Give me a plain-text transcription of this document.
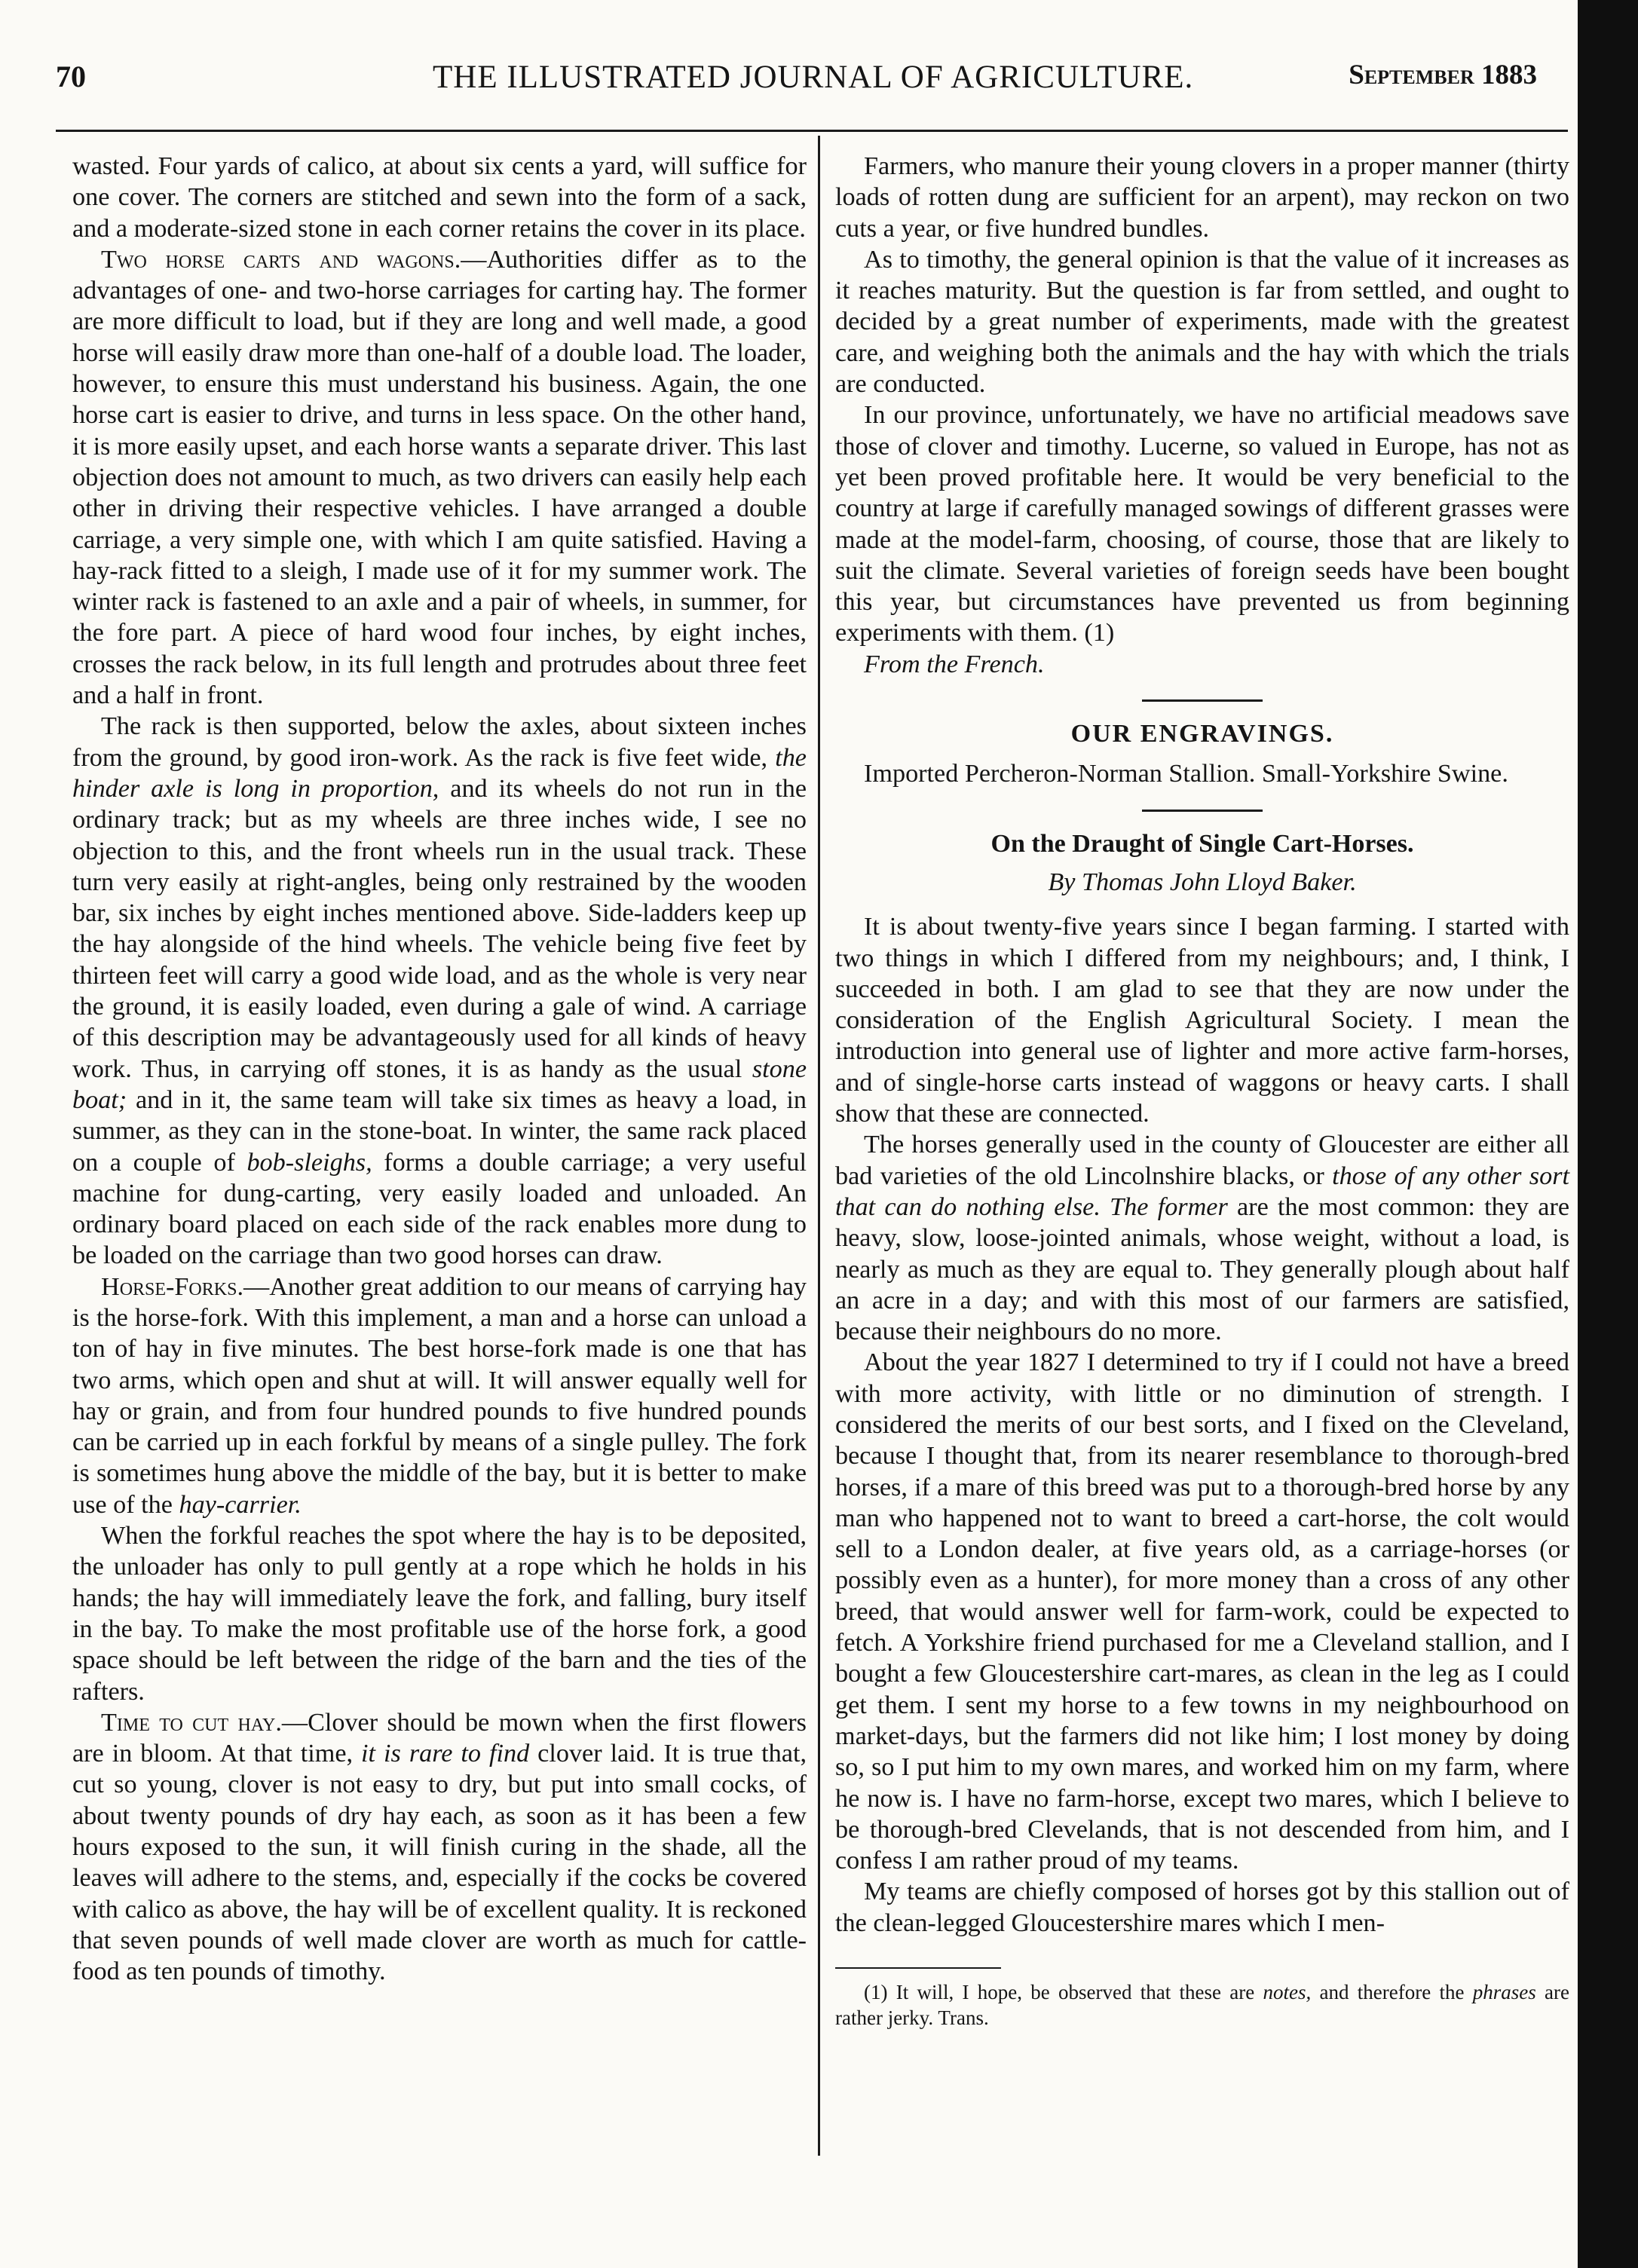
70	THE ILLUSTRATED JOURNAL OF AGRICULTURE.	September 1883

wasted. Four yards of calico, at about six cents a yard, will suffice for one cover. The corners are stitched and sewn into the form of a sack, and a moderate-sized stone in each corner retains the cover in its place.

Two horse carts and wagons.—Authorities differ as to the advantages of one- and two-horse carriages for carting hay. The former are more difficult to load, but if they are long and well made, a good horse will easily draw more than one-half of a double load. The loader, however, to ensure this must understand his business. Again, the one horse cart is easier to drive, and turns in less space. On the other hand, it is more easily upset, and each horse wants a separate driver. This last objection does not amount to much, as two drivers can easily help each other in driving their respective vehicles. I have arranged a double carriage, a very simple one, with which I am quite satisfied. Having a hay-rack fitted to a sleigh, I made use of it for my summer work. The winter rack is fastened to an axle and a pair of wheels, in summer, for the fore part. A piece of hard wood four inches, by eight inches, crosses the rack below, in its full length and protrudes about three feet and a half in front.

The rack is then supported, below the axles, about sixteen inches from the ground, by good iron-work. As the rack is five feet wide, the hinder axle is long in proportion, and its wheels do not run in the ordinary track; but as my wheels are three inches wide, I see no objection to this, and the front wheels run in the usual track. These turn very easily at right-angles, being only restrained by the wooden bar, six inches by eight inches mentioned above. Side-ladders keep up the hay alongside of the hind wheels. The vehicle being five feet by thirteen feet will carry a good wide load, and as the whole is very near the ground, it is easily loaded, even during a gale of wind. A carriage of this description may be advantageously used for all kinds of heavy work. Thus, in carrying off stones, it is as handy as the usual stone boat; and in it, the same team will take six times as heavy a load, in summer, as they can in the stone-boat. In winter, the same rack placed on a couple of bob-sleighs, forms a double carriage; a very useful machine for dung-carting, very easily loaded and unloaded. An ordinary board placed on each side of the rack enables more dung to be loaded on the carriage than two good horses can draw.

Horse-Forks.—Another great addition to our means of carrying hay is the horse-fork. With this implement, a man and a horse can unload a ton of hay in five minutes. The best horse-fork made is one that has two arms, which open and shut at will. It will answer equally well for hay or grain, and from four hundred pounds to five hundred pounds can be carried up in each forkful by means of a single pulley. The fork is sometimes hung above the middle of the bay, but it is better to make use of the hay-carrier.

When the forkful reaches the spot where the hay is to be deposited, the unloader has only to pull gently at a rope which he holds in his hands; the hay will immediately leave the fork, and falling, bury itself in the bay. To make the most profitable use of the horse fork, a good space should be left between the ridge of the barn and the ties of the rafters.

Time to cut hay.—Clover should be mown when the first flowers are in bloom. At that time, it is rare to find clover laid. It is true that, cut so young, clover is not easy to dry, but put into small cocks, of about twenty pounds of dry hay each, as soon as it has been a few hours exposed to the sun, it will finish curing in the shade, all the leaves will adhere to the stems, and, especially if the cocks be covered with calico as above, the hay will be of excellent quality. It is reckoned that seven pounds of well made clover are worth as much for cattle-food as ten pounds of timothy.

Farmers, who manure their young clovers in a proper manner (thirty loads of rotten dung are sufficient for an arpent), may reckon on two cuts a year, or five hundred bundles.

As to timothy, the general opinion is that the value of it increases as it reaches maturity. But the question is far from settled, and ought to decided by a great number of experiments, made with the greatest care, and weighing both the animals and the hay with which the trials are conducted.

In our province, unfortunately, we have no artificial meadows save those of clover and timothy. Lucerne, so valued in Europe, has not as yet been proved profitable here. It would be very beneficial to the country at large if carefully managed sowings of different grasses were made at the model-farm, choosing, of course, those that are likely to suit the climate. Several varieties of foreign seeds have been bought this year, but circumstances have prevented us from beginning experiments with them. (1)

From the French.

OUR ENGRAVINGS.

Imported Percheron-Norman Stallion. Small-Yorkshire Swine.

On the Draught of Single Cart-Horses.
By Thomas John Lloyd Baker.

It is about twenty-five years since I began farming. I started with two things in which I differed from my neighbours; and, I think, I succeeded in both. I am glad to see that they are now under the consideration of the English Agricultural Society. I mean the introduction into general use of lighter and more active farm-horses, and of single-horse carts instead of waggons or heavy carts. I shall show that these are connected.

The horses generally used in the county of Gloucester are either all bad varieties of the old Lincolnshire blacks, or those of any other sort that can do nothing else. The former are the most common: they are heavy, slow, loose-jointed animals, whose weight, without a load, is nearly as much as they are equal to. They generally plough about half an acre in a day; and with this most of our farmers are satisfied, because their neighbours do no more.

About the year 1827 I determined to try if I could not have a breed with more activity, with little or no diminution of strength. I considered the merits of our best sorts, and I fixed on the Cleveland, because I thought that, from its nearer resemblance to thorough-bred horses, if a mare of this breed was put to a thorough-bred horse by any man who happened not to want to breed a cart-horse, the colt would sell to a London dealer, at five years old, as a carriage-horses (or possibly even as a hunter), for more money than a cross of any other breed, that would answer well for farm-work, could be expected to fetch. A Yorkshire friend purchased for me a Cleveland stallion, and I bought a few Gloucestershire cart-mares, as clean in the leg as I could get them. I sent my horse to a few towns in my neighbourhood on market-days, but the farmers did not like him; I lost money by doing so, so I put him to my own mares, and worked him on my farm, where he now is. I have no farm-horse, except two mares, which I believe to be thorough-bred Clevelands, that is not descended from him, and I confess I am rather proud of my teams.

My teams are chiefly composed of horses got by this stallion out of the clean-legged Gloucestershire mares which I men-

(1) It will, I hope, be observed that these are notes, and therefore the phrases are rather jerky. Trans.
